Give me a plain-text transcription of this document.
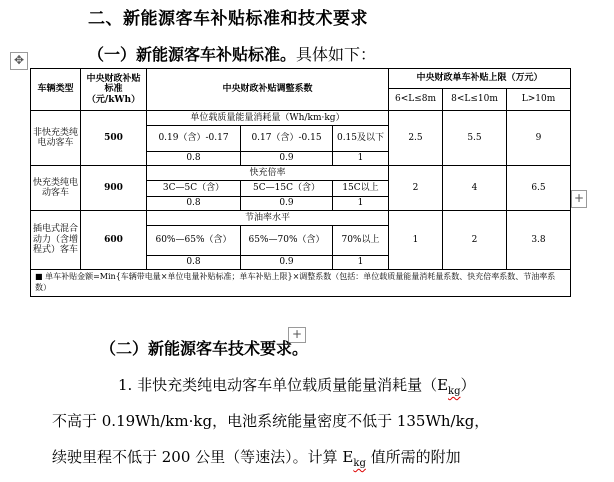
二、新能源客车补贴标准和技术要求
（一）新能源客车补贴标准。具体如下：
✥
+
+
车辆类型	中央财政补贴标准（元/kWh）	中央财政补贴调整系数			中央财政单车补贴上限（万元）		
					6<L≤8m	8<L≤10m	L>10m
非快充类纯电动客车	500	单位载质量能量消耗量（Wh/km·kg）			2.5	5.5	9
		0.19（含）-0.17	0.17（含）-0.15	0.15及以下			
		0.8	0.9	1			
快充类纯电动客车	900	快充倍率			2	4	6.5
		3C—5C（含）	5C—15C（含）	15C以上			
		0.8	0.9	1			
插电式混合动力（含增程式）客车	600	节油率水平			1	2	3.8
		60%—65%（含）	65%—70%（含）	70%以上			
		0.8	0.9	1			
■ 单车补贴金额=Min{车辆带电量×单位电量补贴标准；单车补贴上限}×调整系数（包括：单位载质量能量消耗量系数、快充倍率系数、节油率系数）							
（二）新能源客车技术要求。
1. 非快充类纯电动客车单位载质量能量消耗量$(E_{kg})$
不高于 0.19Wh/km·kg，电池系统能量密度不低于 135Wh/kg，
续驶里程不低于 200 公里（等速法）。计算 $E_{kg}$ 值所需的附加
